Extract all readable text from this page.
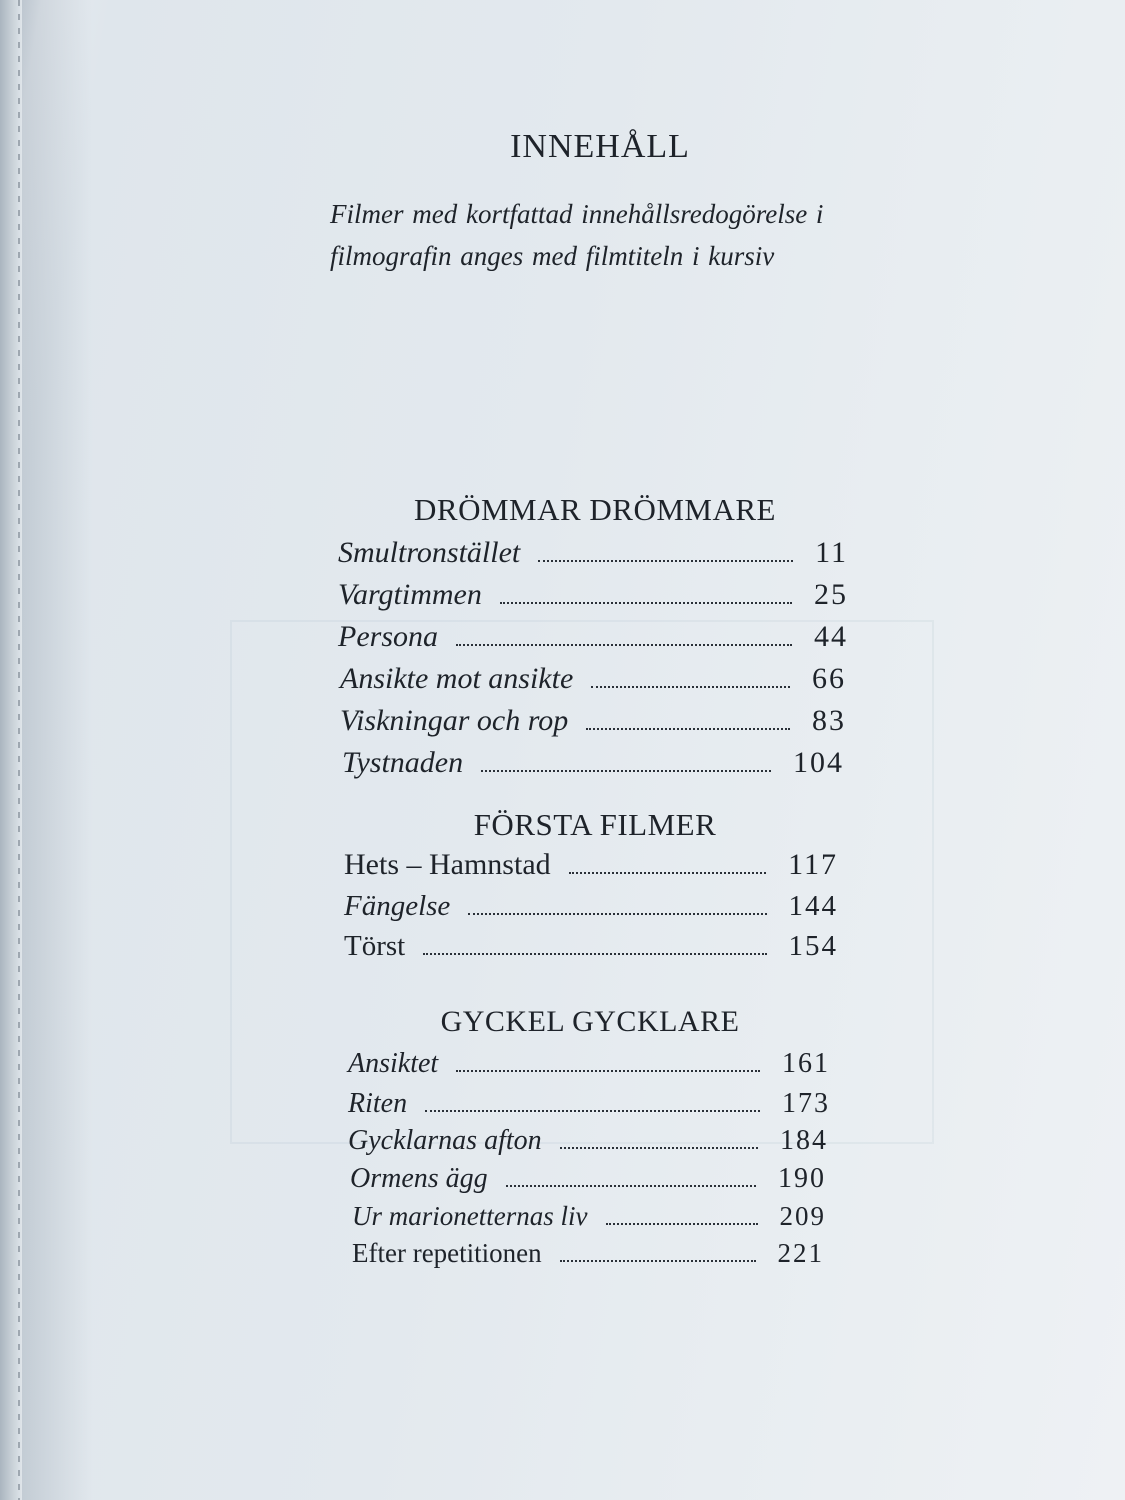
INNEHÅLL
Filmer med kortfattad innehållsredogörelse i
filmografin anges med filmtiteln i kursiv
DRÖMMAR DRÖMMARE
Smultronstället	11
Vargtimmen	25
Persona	44
Ansikte mot ansikte	66
Viskningar och rop	83
Tystnaden	104
FÖRSTA FILMER
Hets – Hamnstad	117
Fängelse	144
Törst	154
GYCKEL GYCKLARE
Ansiktet	161
Riten	173
Gycklarnas afton	184
Ormens ägg	190
Ur marionetternas liv	209
Efter repetitionen	221
